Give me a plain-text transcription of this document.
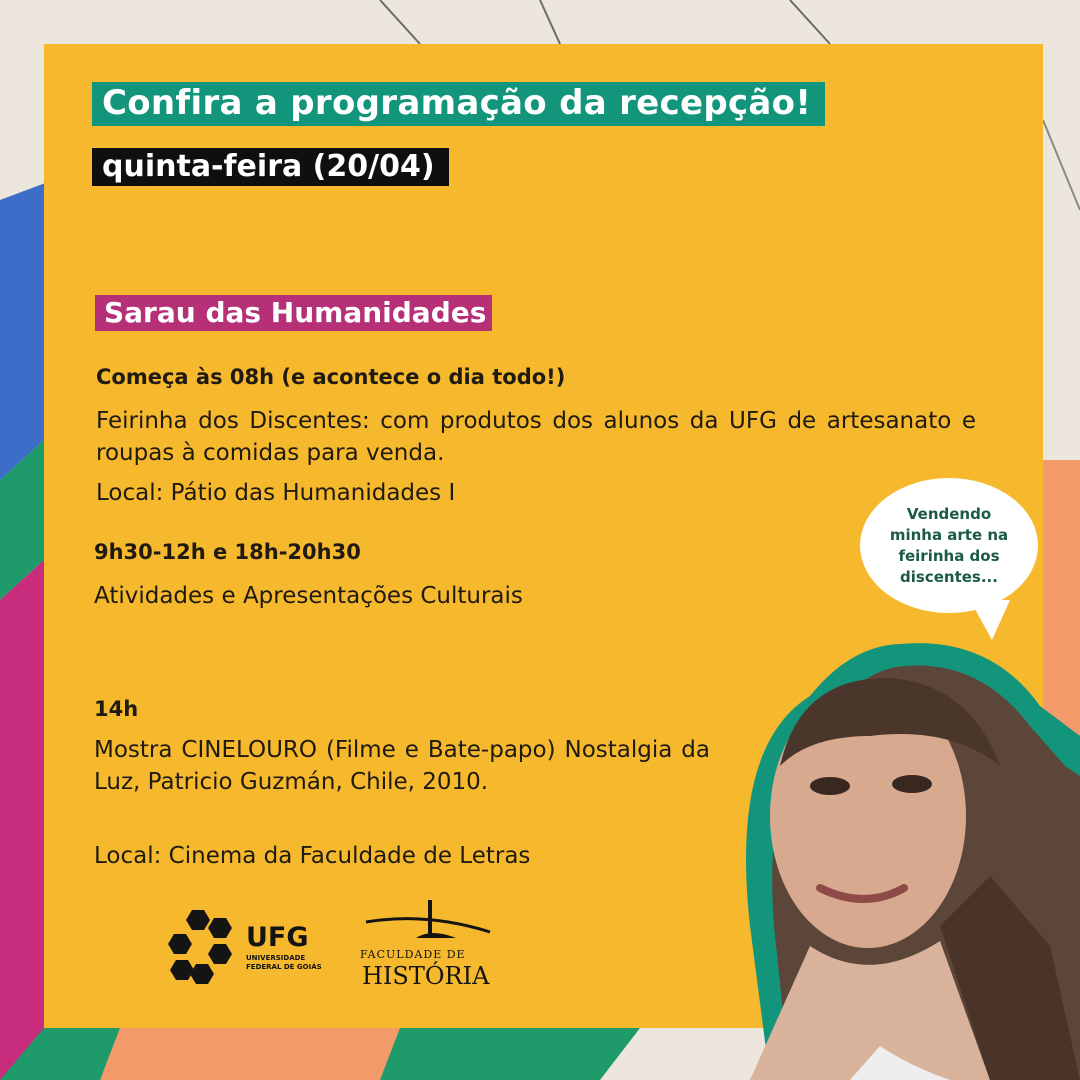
Confira a programação da recepção!
quinta-feira (20/04)
Sarau das Humanidades
Começa às 08h (e acontece o dia todo!)
Feirinha dos Discentes: com produtos dos alunos da UFG de artesanato e roupas à comidas para venda.
Local: Pátio das Humanidades I
9h30-12h e 18h-20h30
Atividades e Apresentações Culturais
14h
Mostra CINELOURO (Filme e Bate-papo) Nostalgia da Luz, Patricio Guzmán, Chile, 2010.
Local: Cinema da Faculdade de Letras
Vendendo minha arte na feirinha dos discentes...
UFG
UNIVERSIDADE FEDERAL DE GOIÁS
FACULDADE DE
HISTÓRIA
